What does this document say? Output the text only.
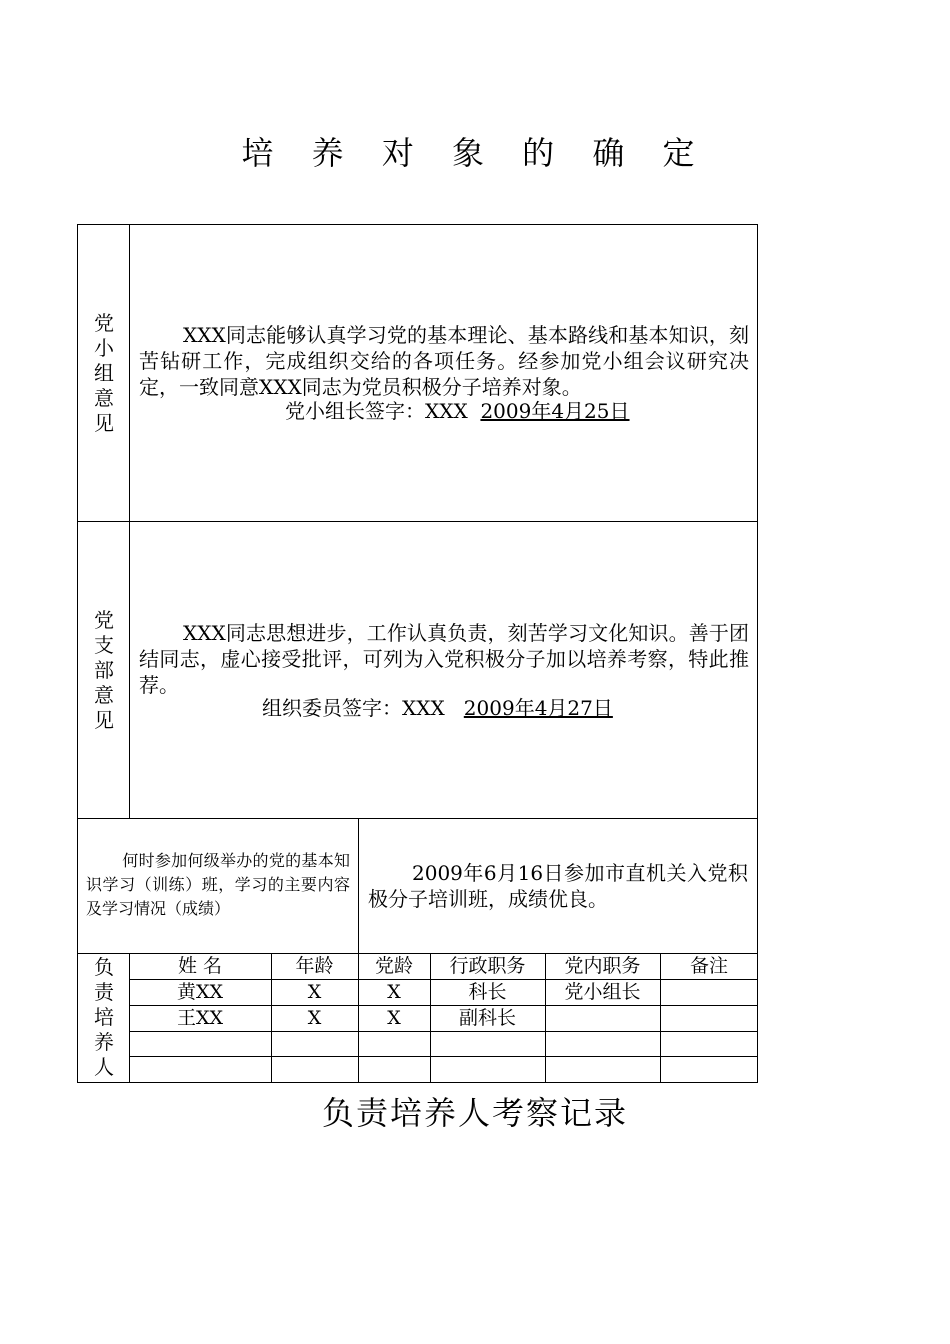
培 养 对 象 的 确 定
党小组意见
XXX同志能够认真学习党的基本理论、基本路线和基本知识，刻苦钻研工作，完成组织交给的各项任务。经参加党小组会议研究决定，一致同意XXX同志为党员积极分子培养对象。
党小组长签字：XXX 2009年4月25日
党支部意见
XXX同志思想进步，工作认真负责，刻苦学习文化知识。善于团结同志，虚心接受批评，可列为入党积极分子加以培养考察，特此推荐。
组织委员签字：XXX 2009年4月27日
何时参加何级举办的党的基本知识学习（训练）班，学习的主要内容及学习情况（成绩）
2009年6月16日参加市直机关入党积极分子培训班，成绩优良。
负责培养人
姓 名	年龄	党龄	行政职务	党内职务	备注
黄XX	X	X	科长	党小组长
王XX	X	X	副科长
负责培养人考察记录
